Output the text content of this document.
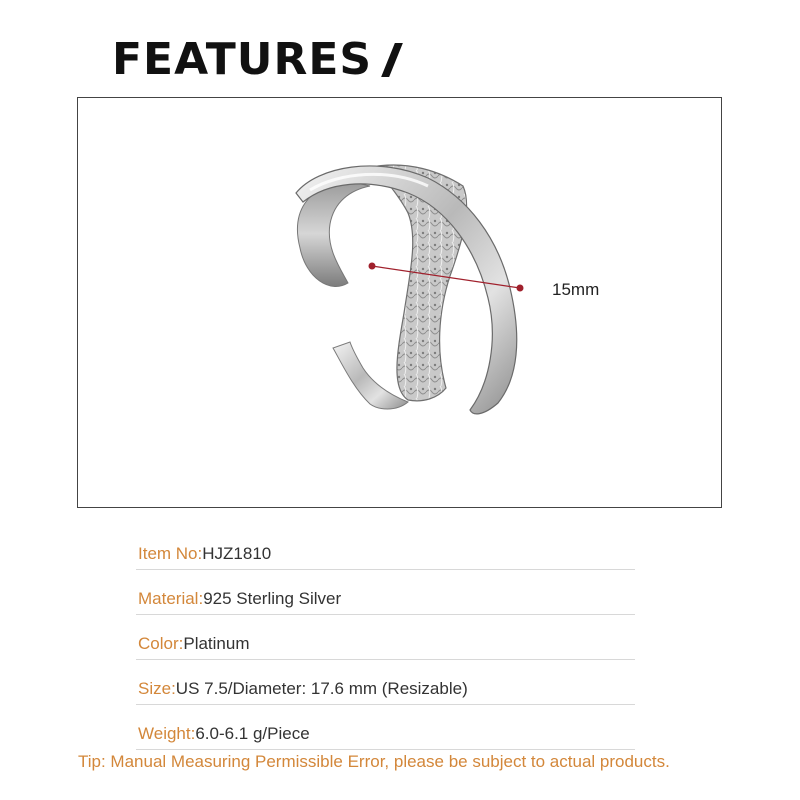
FEATURES
15mm
Item No:HJZ1810
Material:925 Sterling Silver
Color:Platinum
Size:US 7.5/Diameter: 17.6 mm (Resizable)
Weight:6.0-6.1 g/Piece
Tip: Manual Measuring Permissible Error, please be subject to actual products.
